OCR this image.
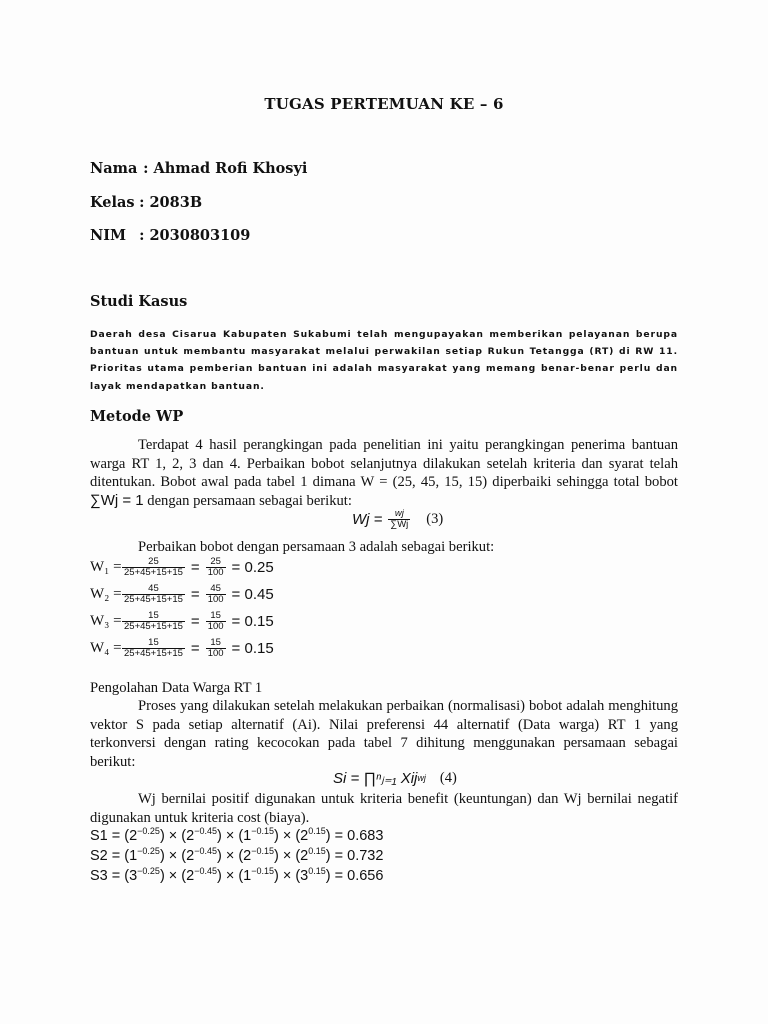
TUGAS PERTEMUAN KE – 6
Nama : Ahmad Rofi Khosyi
Kelas : 2083B
NIM : 2030803109
Studi Kasus
Daerah desa Cisarua Kabupaten Sukabumi telah mengupayakan memberikan pelayanan berupa bantuan untuk membantu masyarakat melalui perwakilan setiap Rukun Tetangga (RT) di RW 11. Prioritas utama pemberian bantuan ini adalah masyarakat yang memang benar-benar perlu dan layak mendapatkan bantuan.
Metode WP
Terdapat 4 hasil perangkingan pada penelitian ini yaitu perangkingan penerima bantuan warga RT 1, 2, 3 dan 4. Perbaikan bobot selanjutnya dilakukan setelah kriteria dan syarat telah ditentukan. Bobot awal pada tabel 1 dimana W = (25, 45, 15, 15) diperbaiki sehingga total bobot ∑Wj = 1 dengan persamaan sebagai berikut:
$Wj = \frac{wj}{\sum Wj} (3)$
Perbaikan bobot dengan persamaan 3 adalah sebagai berikut:
$W_1 = \frac{25}{25+45+15+15} = \frac{25}{100} = 0.25$
$W_2 = \frac{45}{25+45+15+15} = \frac{45}{100} = 0.45$
$W_3 = \frac{15}{25+45+15+15} = \frac{15}{100} = 0.15$
$W_4 = \frac{15}{25+45+15+15} = \frac{15}{100} = 0.15$
Pengolahan Data Warga RT 1
Proses yang dilakukan setelah melakukan perbaikan (normalisasi) bobot adalah menghitung vektor S pada setiap alternatif (Ai). Nilai preferensi 44 alternatif (Data warga) RT 1 yang terkonversi dengan rating kecocokan pada tabel 7 dihitung menggunakan persamaan sebagai berikut:
Si = ∏ⁿⱼ₌₁ Xij wj (4)
Wj bernilai positif digunakan untuk kriteria benefit (keuntungan) dan Wj bernilai negatif digunakan untuk kriteria cost (biaya).
$S1 = (2^{-0.25}) \times (2^{-0.45}) \times (1^{-0.15}) \times (2^{0.15}) = 0.683$
$S2 = (1^{-0.25}) \times (2^{-0.45}) \times (2^{-0.15}) \times (2^{0.15}) = 0.732$
$S3 = (3^{-0.25}) \times (2^{-0.45}) \times (1^{-0.15}) \times (3^{0.15}) = 0.656$
